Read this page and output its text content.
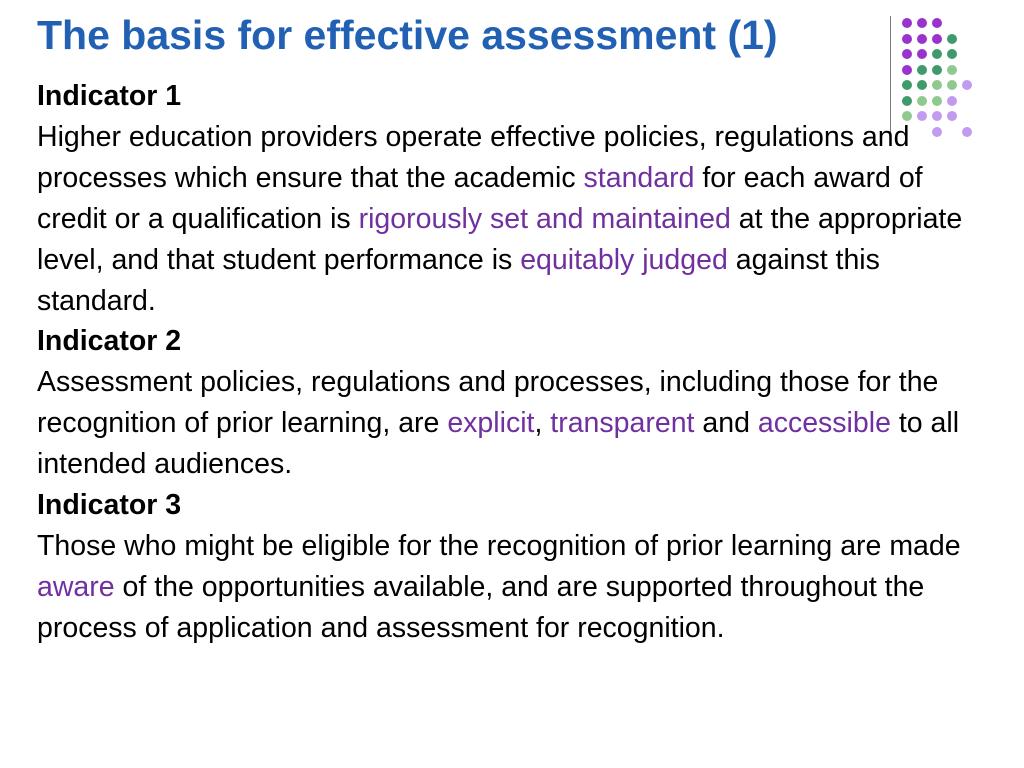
The basis for effective assessment (1)

Indicator 1

Higher education providers operate effective policies, regulations and processes which ensure that the academic standard for each award of credit or a qualification is rigorously set and maintained at the appropriate level, and that student performance is equitably judged against this standard.

Indicator 2

Assessment policies, regulations and processes, including those for the recognition of prior learning, are explicit, transparent and accessible to all intended audiences.

Indicator 3

Those who might be eligible for the recognition of prior learning are made aware of the opportunities available, and are supported throughout the process of application and assessment for recognition.
